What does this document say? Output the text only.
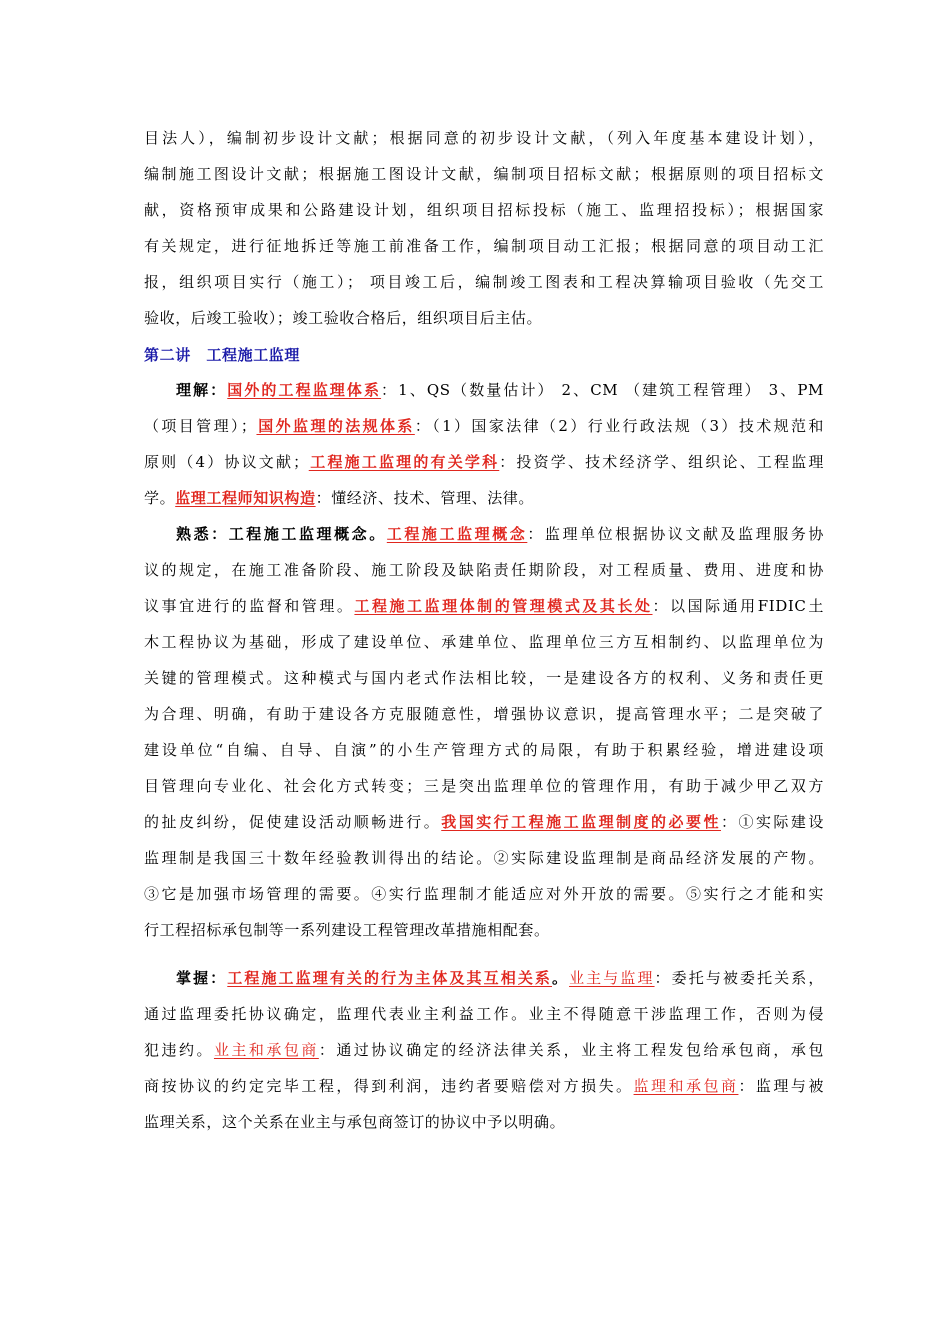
目法人），编制初步设计文献；根据同意的初步设计文献，（列入年度基本建设计划），
编制施工图设计文献；根据施工图设计文献，编制项目招标文献；根据原则的项目招标文
献，资格预审成果和公路建设计划，组织项目招标投标（施工、监理招投标）；根据国家
有关规定，进行征地拆迁等施工前准备工作，编制项目动工汇报；根据同意的项目动工汇
报，组织项目实行（施工）； 项目竣工后，编制竣工图表和工程决算输项目验收（先交工
验收，后竣工验收）；竣工验收合格后，组织项目后主估。
第二讲　工程施工监理
理解：国外的工程监理体系：1、QS（数量估计） 2、CM （建筑工程管理） 3、PM
（项目管理）；国外监理的法规体系：（1）国家法律（2）行业行政法规（3）技术规范和
原则（4）协议文献；工程施工监理的有关学科：投资学、技术经济学、组织论、工程监理
学。监理工程师知识构造：懂经济、技术、管理、法律。
熟悉：工程施工监理概念。工程施工监理概念：监理单位根据协议文献及监理服务协
议的规定，在施工准备阶段、施工阶段及缺陷责任期阶段，对工程质量、费用、进度和协
议事宜进行的监督和管理。工程施工监理体制的管理模式及其长处：以国际通用FIDIC土
木工程协议为基础，形成了建设单位、承建单位、监理单位三方互相制约、以监理单位为
关键的管理模式。这种模式与国内老式作法相比较，一是建设各方的权利、义务和责任更
为合理、明确，有助于建设各方克服随意性，增强协议意识，提高管理水平；二是突破了
建设单位“自编、自导、自演”的小生产管理方式的局限，有助于积累经验，增进建设项
目管理向专业化、社会化方式转变；三是突出监理单位的管理作用，有助于减少甲乙双方
的扯皮纠纷，促使建设活动顺畅进行。我国实行工程施工监理制度的必要性：①实际建设
监理制是我国三十数年经验教训得出的结论。②实际建设监理制是商品经济发展的产物。
③它是加强市场管理的需要。④实行监理制才能适应对外开放的需要。⑤实行之才能和实
行工程招标承包制等一系列建设工程管理改革措施相配套。
掌握：工程施工监理有关的行为主体及其互相关系。业主与监理：委托与被委托关系，
通过监理委托协议确定，监理代表业主利益工作。业主不得随意干涉监理工作，否则为侵
犯违约。业主和承包商：通过协议确定的经济法律关系，业主将工程发包给承包商，承包
商按协议的约定完毕工程，得到利润，违约者要赔偿对方损失。监理和承包商：监理与被
监理关系，这个关系在业主与承包商签订的协议中予以明确。
